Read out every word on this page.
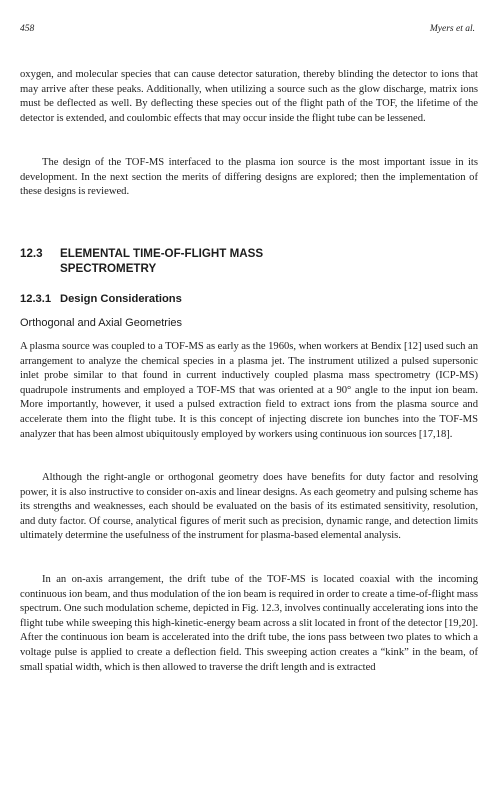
458	Myers et al.

oxygen, and molecular species that can cause detector saturation, thereby blinding the detector to ions that may arrive after these peaks. Additionally, when utilizing a source such as the glow discharge, matrix ions must be deflected as well. By deflecting these species out of the flight path of the TOF, the lifetime of the detector is extended, and coulombic effects that may occur inside the flight tube can be lessened.

The design of the TOF-MS interfaced to the plasma ion source is the most important issue in its development. In the next section the merits of differing designs are explored; then the implementation of these designs is reviewed.

12.3 ELEMENTAL TIME-OF-FLIGHT MASS SPECTROMETRY
12.3.1 Design Considerations
Orthogonal and Axial Geometries

A plasma source was coupled to a TOF-MS as early as the 1960s, when workers at Bendix [12] used such an arrangement to analyze the chemical species in a plasma jet. The instrument utilized a pulsed supersonic inlet probe similar to that found in current inductively coupled plasma mass spectrometry (ICP-MS) quadrupole instruments and employed a TOF-MS that was oriented at a 90° angle to the input ion beam. More importantly, however, it used a pulsed extraction field to extract ions from the plasma source and accelerate them into the flight tube. It is this concept of injecting discrete ion bunches into the TOF-MS analyzer that has been almost ubiquitously employed by workers using continuous ion sources [17,18].

Although the right-angle or orthogonal geometry does have benefits for duty factor and resolving power, it is also instructive to consider on-axis and linear designs. As each geometry and pulsing scheme has its strengths and weaknesses, each should be evaluated on the basis of its estimated sensitivity, resolution, and duty factor. Of course, analytical figures of merit such as precision, dynamic range, and detection limits ultimately determine the usefulness of the instrument for plasma-based elemental analysis.

In an on-axis arrangement, the drift tube of the TOF-MS is located coaxial with the incoming continuous ion beam, and thus modulation of the ion beam is required in order to create a time-of-flight mass spectrum. One such modulation scheme, depicted in Fig. 12.3, involves continually accelerating ions into the flight tube while sweeping this high-kinetic-energy beam across a slit located in front of the detector [19,20]. After the continuous ion beam is accelerated into the drift tube, the ions pass between two plates to which a voltage pulse is applied to create a deflection field. This sweeping action creates a “kink” in the beam, of small spatial width, which is then allowed to traverse the drift length and is extracted
